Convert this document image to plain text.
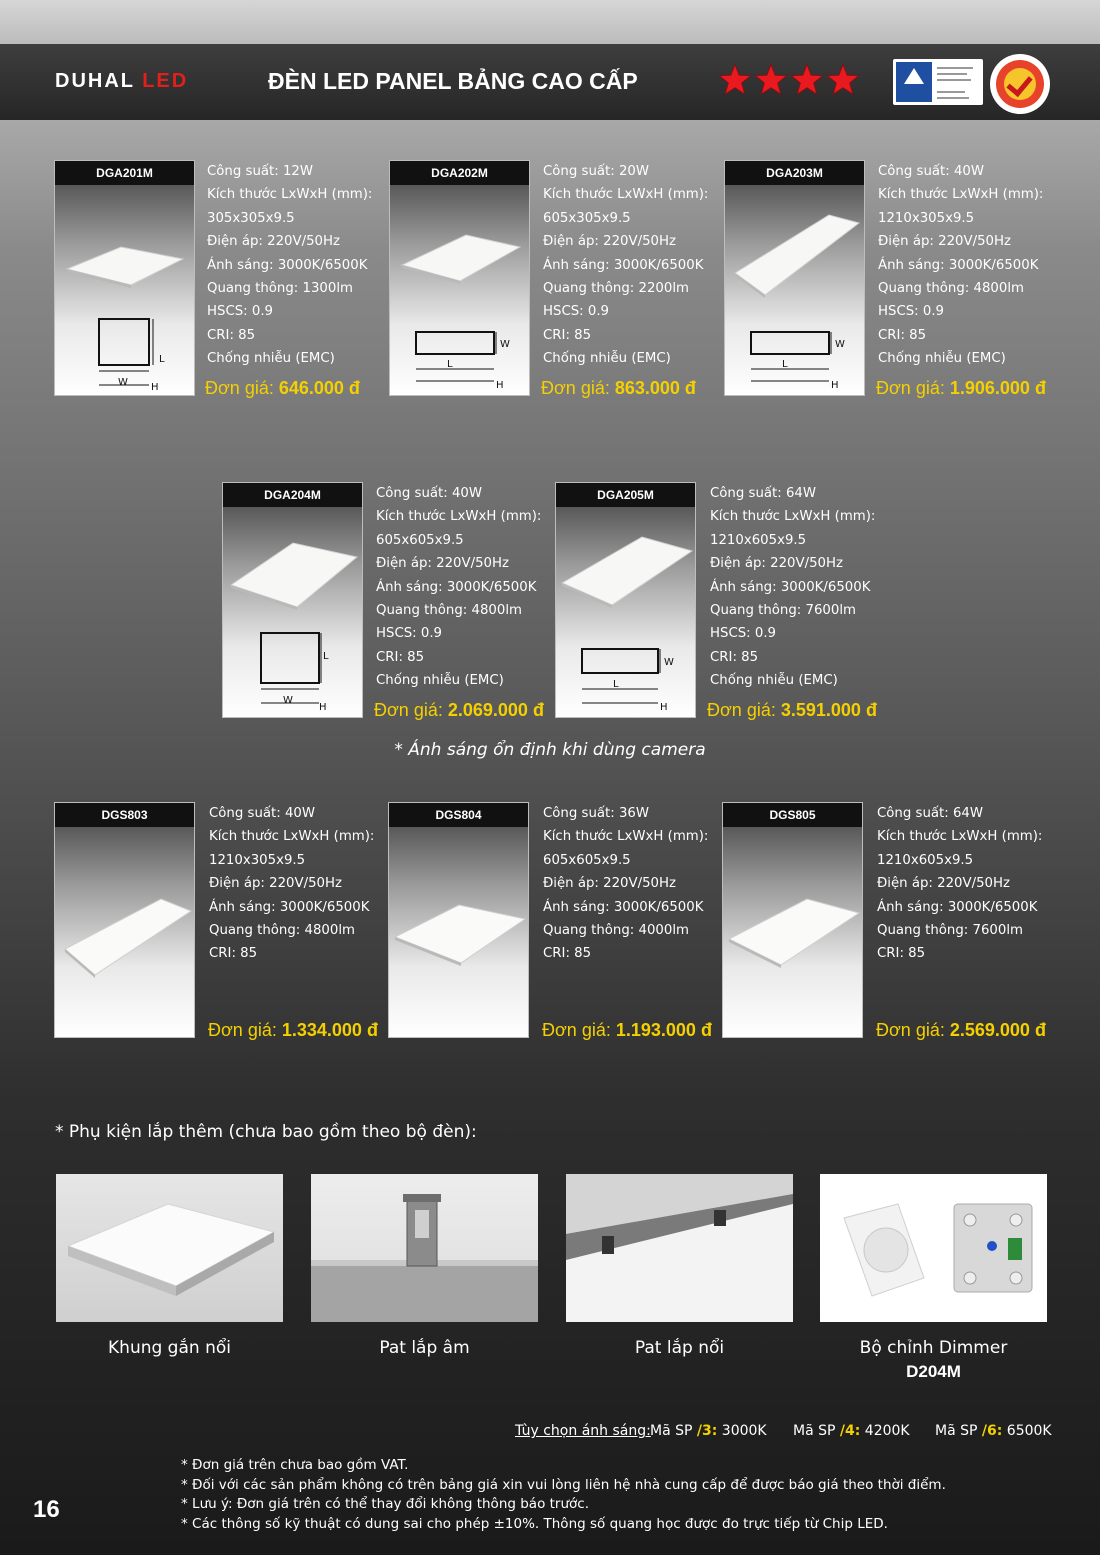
DUHAL LED	ĐÈN LED PANEL BẢNG CAO CẤP
DGA201M
L
W H
Công suất: 12W
Kích thước LxWxH (mm):
305x305x9.5
Điện áp: 220V/50Hz
Ánh sáng: 3000K/6500K
Quang thông: 1300lm
HSCS: 0.9
CRI: 85
Chống nhiễu (EMC)
Đơn giá: 646.000 đ
DGA202M
W
L
H
Công suất: 20W
Kích thước LxWxH (mm):
605x305x9.5
Điện áp: 220V/50Hz
Ánh sáng: 3000K/6500K
Quang thông: 2200lm
HSCS: 0.9
CRI: 85
Chống nhiễu (EMC)
Đơn giá: 863.000 đ
DGA203M
W
L
H
Công suất: 40W
Kích thước LxWxH (mm):
1210x305x9.5
Điện áp: 220V/50Hz
Ánh sáng: 3000K/6500K
Quang thông: 4800lm
HSCS: 0.9
CRI: 85
Chống nhiễu (EMC)
Đơn giá: 1.906.000 đ
DGA204M
L
W
H
Công suất: 40W
Kích thước LxWxH (mm):
605x605x9.5
Điện áp: 220V/50Hz
Ánh sáng: 3000K/6500K
Quang thông: 4800lm
HSCS: 0.9
CRI: 85
Chống nhiễu (EMC)
Đơn giá: 2.069.000 đ
DGA205M
W
L
H
Công suất: 64W
Kích thước LxWxH (mm):
1210x605x9.5
Điện áp: 220V/50Hz
Ánh sáng: 3000K/6500K
Quang thông: 7600lm
HSCS: 0.9
CRI: 85
Chống nhiễu (EMC)
Đơn giá: 3.591.000 đ
* Ánh sáng ổn định khi dùng camera
DGS803	Công suất: 40W
Kích thước LxWxH (mm):
1210x305x9.5
Điện áp: 220V/50Hz
Ánh sáng: 3000K/6500K
Quang thông: 4800lm
CRI: 85
Đơn giá: 1.334.000 đ
DGS804	Công suất: 36W
Kích thước LxWxH (mm):
605x605x9.5
Điện áp: 220V/50Hz
Ánh sáng: 3000K/6500K
Quang thông: 4000lm
CRI: 85
Đơn giá: 1.193.000 đ
DGS805	Công suất: 64W
Kích thước LxWxH (mm):
1210x605x9.5
Điện áp: 220V/50Hz
Ánh sáng: 3000K/6500K
Quang thông: 7600lm
CRI: 85
Đơn giá: 2.569.000 đ
* Phụ kiện lắp thêm (chưa bao gồm theo bộ đèn):
Khung gắn nổi	Pat lắp âm	Pat lắp nổi	Bộ chỉnh Dimmer
D204M
Tùy chọn ánh sáng: Mã SP /3: 3000K Mã SP /4: 4200K Mã SP /6: 6500K
* Đơn giá trên chưa bao gồm VAT.
* Đối với các sản phẩm không có trên bảng giá xin vui lòng liên hệ nhà cung cấp để được báo giá theo thời điểm.
* Lưu ý: Đơn giá trên có thể thay đổi không thông báo trước.
* Các thông số kỹ thuật có dung sai cho phép ±10%. Thông số quang học được đo trực tiếp từ Chip LED.
16
